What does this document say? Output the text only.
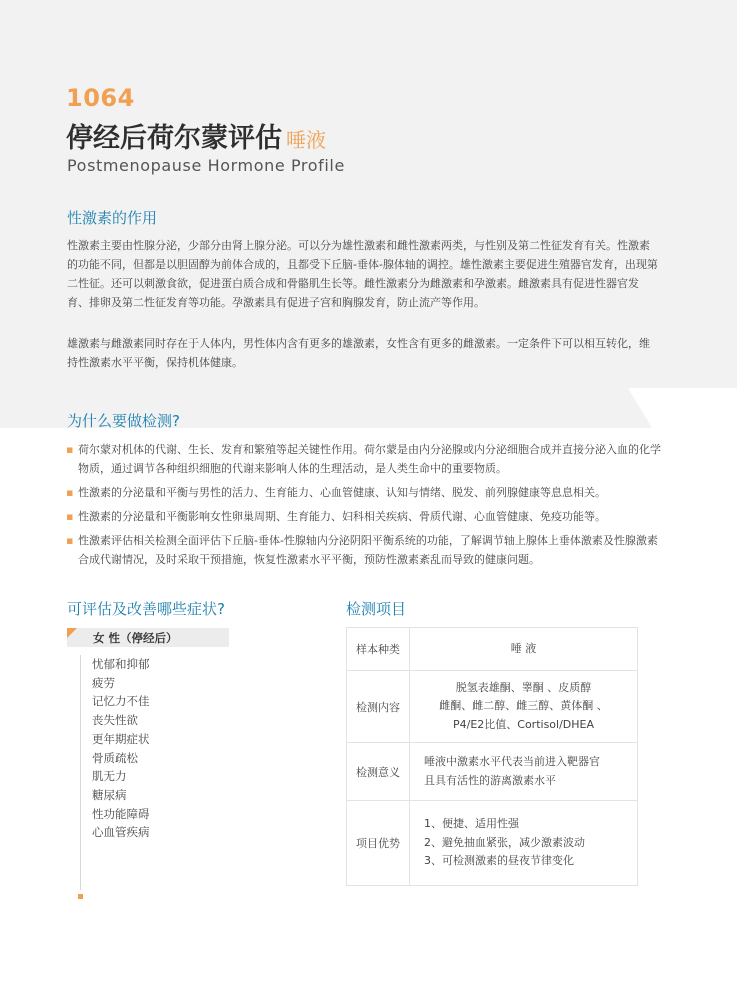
1064
停经后荷尔蒙评估 唾液
Postmenopause Hormone Profile
性激素的作用

性激素主要由性腺分泌，少部分由肾上腺分泌。可以分为雄性激素和雌性激素两类，与性别及第二性征发育有关。性激素的功能不同，但都是以胆固醇为前体合成的，且都受下丘脑-垂体-腺体轴的调控。雄性激素主要促进生殖器官发育，出现第二性征。还可以刺激食欲，促进蛋白质合成和骨骼肌生长等。雌性激素分为雌激素和孕激素。雌激素具有促进性器官发育、排卵及第二性征发育等功能。孕激素具有促进子宫和胸腺发育，防止流产等作用。

雄激素与雌激素同时存在于人体内，男性体内含有更多的雄激素，女性含有更多的雌激素。一定条件下可以相互转化，维持性激素水平平衡，保持机体健康。

为什么要做检测?
▪ 荷尔蒙对机体的代谢、生长、发育和繁殖等起关键性作用。荷尔蒙是由内分泌腺或内分泌细胞合成并直接分泌入血的化学物质，通过调节各种组织细胞的代谢来影响人体的生理活动，是人类生命中的重要物质。
▪ 性激素的分泌量和平衡与男性的活力、生育能力、心血管健康、认知与情绪、脱发、前列腺健康等息息相关。
▪ 性激素的分泌量和平衡影响女性卵巢周期、生育能力、妇科相关疾病、骨质代谢、心血管健康、免疫功能等。
▪ 性激素评估相关检测全面评估下丘脑-垂体-性腺轴内分泌阴阳平衡系统的功能，了解调节轴上腺体上垂体激素及性腺激素合成代谢情况，及时采取干预措施，恢复性激素水平平衡，预防性激素紊乱而导致的健康问题。
可评估及改善哪些症状?
女 性（停经后）
忧郁和抑郁
疲劳
记忆力不佳
丧失性欲
更年期症状
骨质疏松
肌无力
糖尿病
性功能障碍
心血管疾病
检测项目
样本种类	唾 液

检测内容	脱氢表雄酮、睾酮 、皮质醇
雌酮、雌二醇、雌三醇、黄体酮 、
P4/E2比值、Cortisol/DHEA

检测意义	唾液中激素水平代表当前进入靶器官
且具有活性的游离激素水平

项目优势	1、便捷、适用性强
2、避免抽血紧张，减少激素波动
3、可检测激素的昼夜节律变化
